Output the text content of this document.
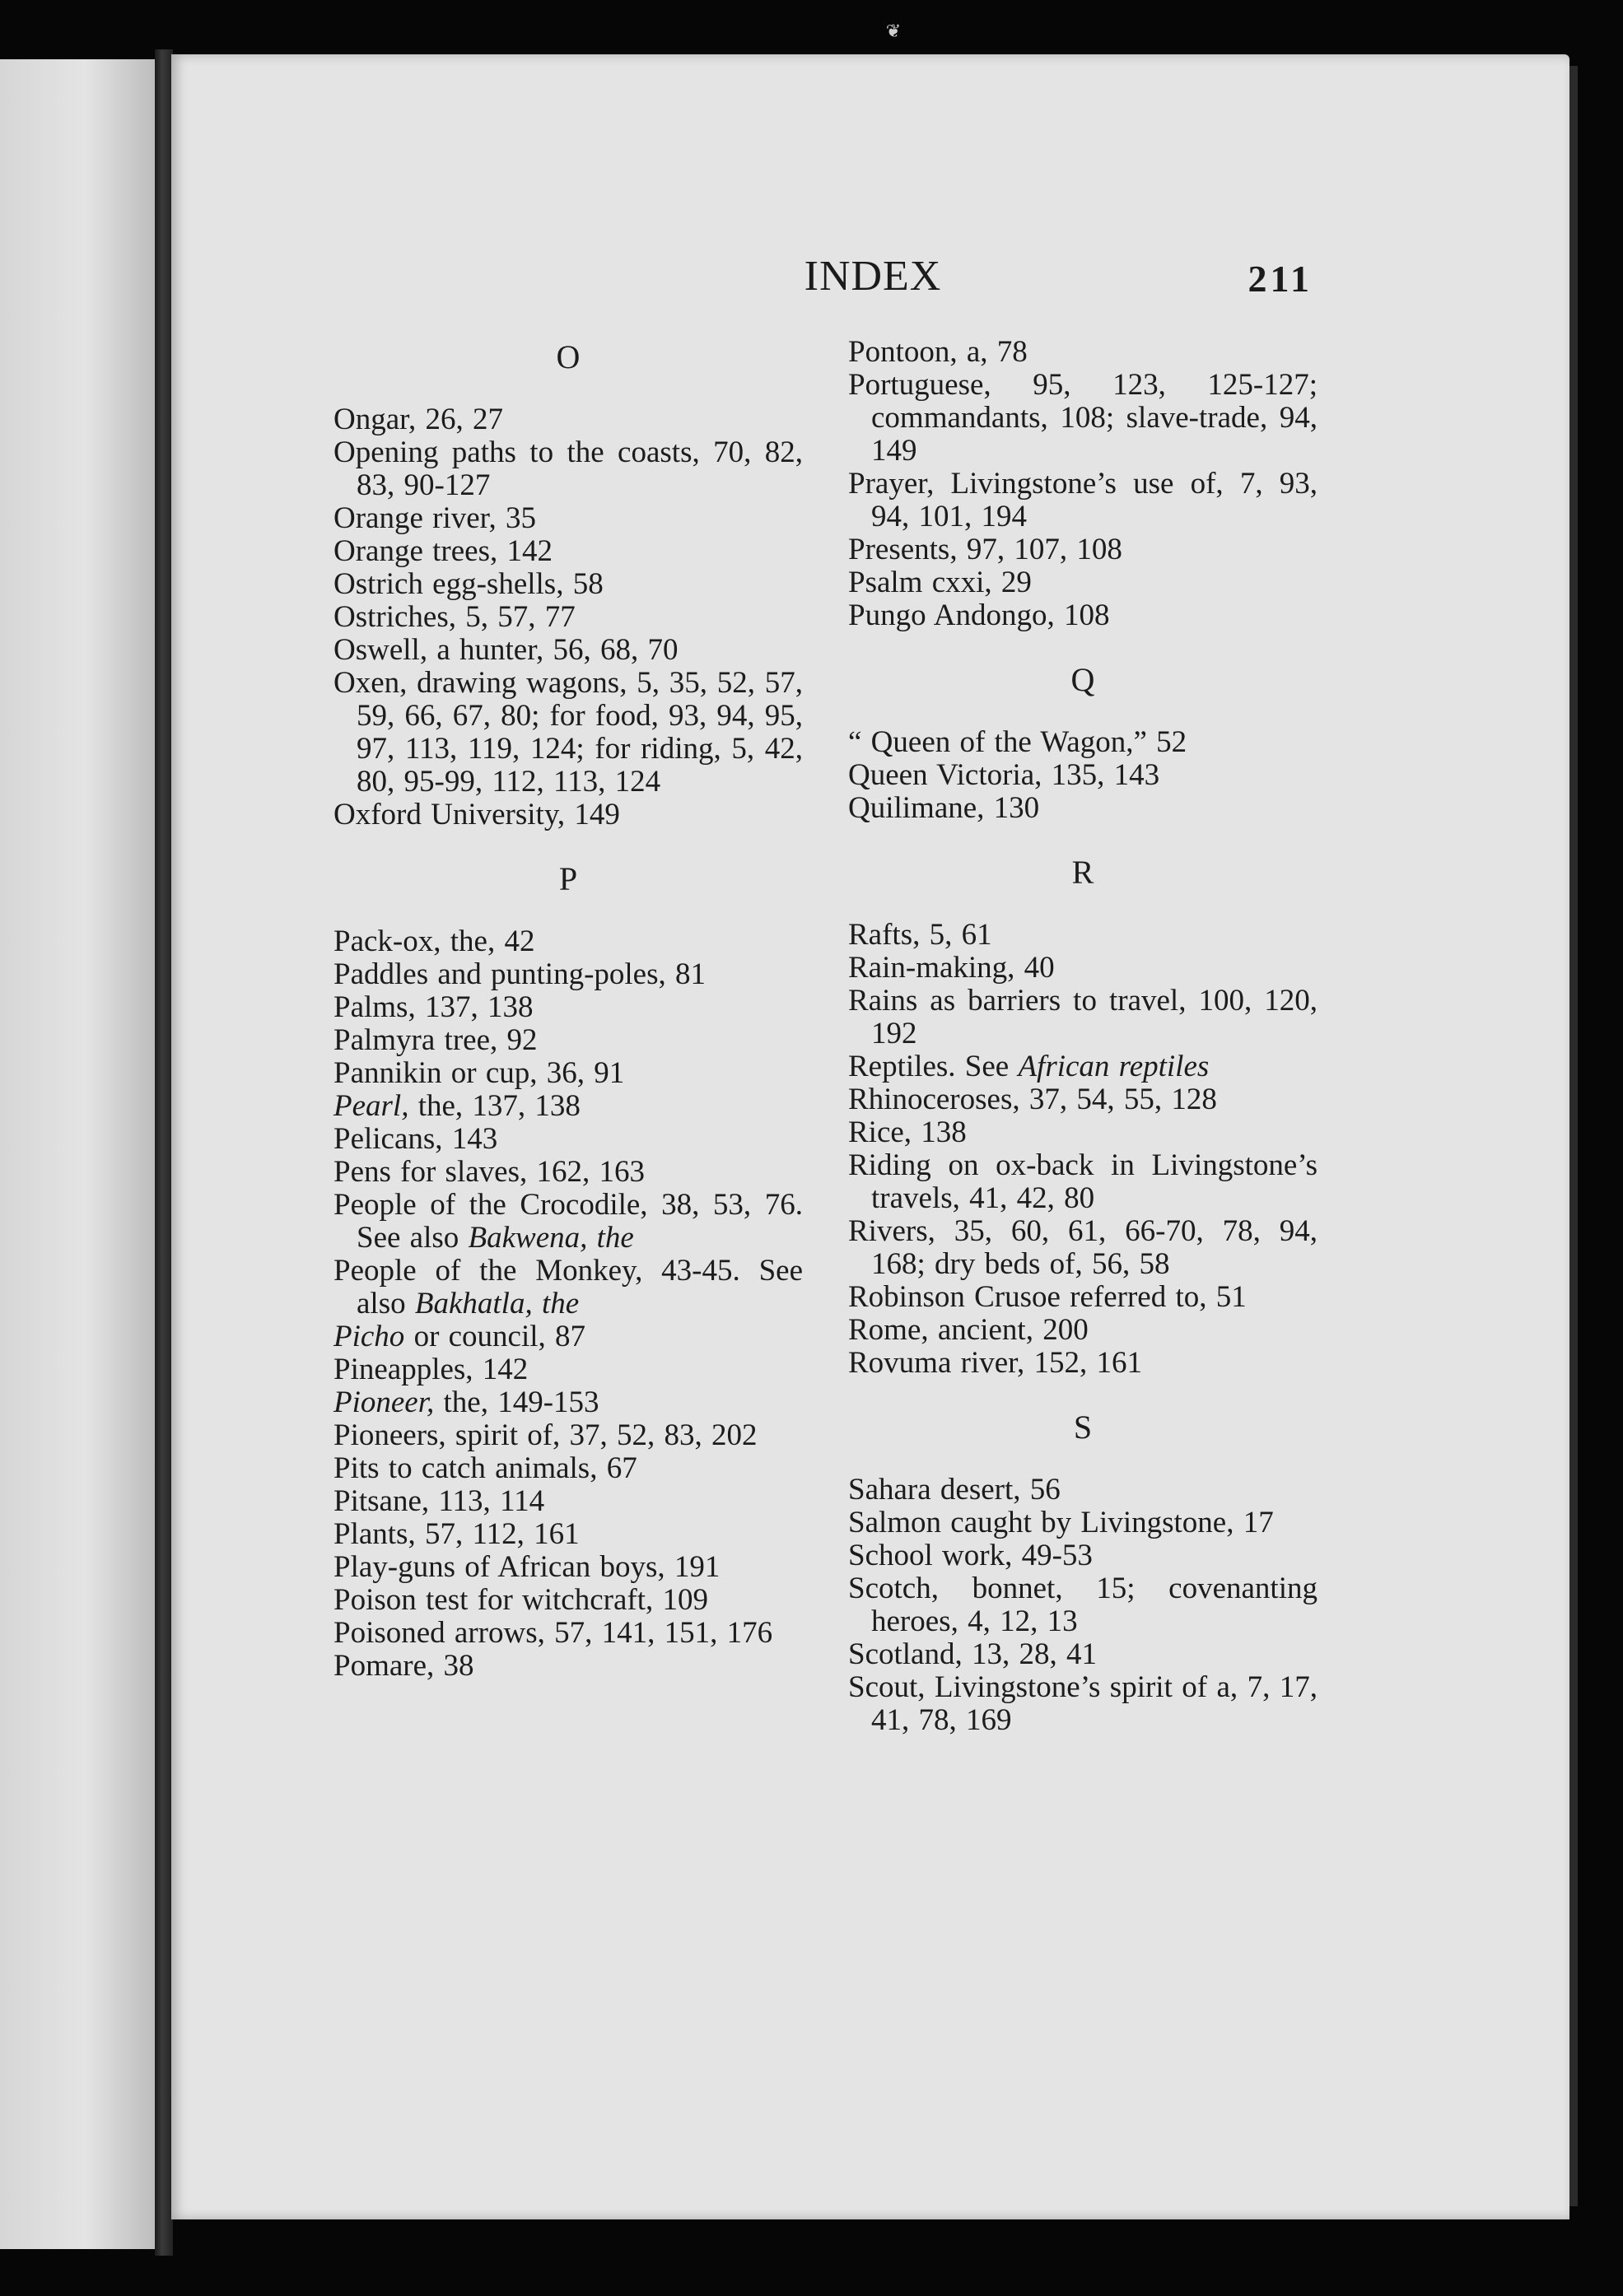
❦
INDEX	211
O

Ongar, 26, 27

Opening paths to the coasts, 70, 82, 83, 90-127

Orange river, 35

Orange trees, 142

Ostrich egg-shells, 58

Ostriches, 5, 57, 77

Oswell, a hunter, 56, 68, 70

Oxen, drawing wagons, 5, 35, 52, 57, 59, 66, 67, 80; for food, 93, 94, 95, 97, 113, 119, 124; for riding, 5, 42, 80, 95-99, 112, 113, 124

Oxford University, 149

P

Pack-ox, the, 42

Paddles and punting-poles, 81

Palms, 137, 138

Palmyra tree, 92

Pannikin or cup, 36, 91

Pearl, the, 137, 138

Pelicans, 143

Pens for slaves, 162, 163

People of the Crocodile, 38, 53, 76. See also Bakwena, the

People of the Monkey, 43-45. See also Bakhatla, the

Picho or council, 87

Pineapples, 142

Pioneer, the, 149-153

Pioneers, spirit of, 37, 52, 83, 202

Pits to catch animals, 67

Pitsane, 113, 114

Plants, 57, 112, 161

Play-guns of African boys, 191

Poison test for witchcraft, 109

Poisoned arrows, 57, 141, 151, 176

Pomare, 38

Pontoon, a, 78

Portuguese, 95, 123, 125-127; commandants, 108; slave-trade, 94, 149

Prayer, Livingstone’s use of, 7, 93, 94, 101, 194

Presents, 97, 107, 108

Psalm cxxi, 29

Pungo Andongo, 108

Q

“ Queen of the Wagon,” 52

Queen Victoria, 135, 143

Quilimane, 130

R

Rafts, 5, 61

Rain-making, 40

Rains as barriers to travel, 100, 120, 192

Reptiles. See African reptiles

Rhinoceroses, 37, 54, 55, 128

Rice, 138

Riding on ox-back in Livingstone’s travels, 41, 42, 80

Rivers, 35, 60, 61, 66-70, 78, 94, 168; dry beds of, 56, 58

Robinson Crusoe referred to, 51

Rome, ancient, 200

Rovuma river, 152, 161

S

Sahara desert, 56

Salmon caught by Livingstone, 17

School work, 49-53

Scotch, bonnet, 15; covenanting heroes, 4, 12, 13

Scotland, 13, 28, 41

Scout, Livingstone’s spirit of a, 7, 17, 41, 78, 169
